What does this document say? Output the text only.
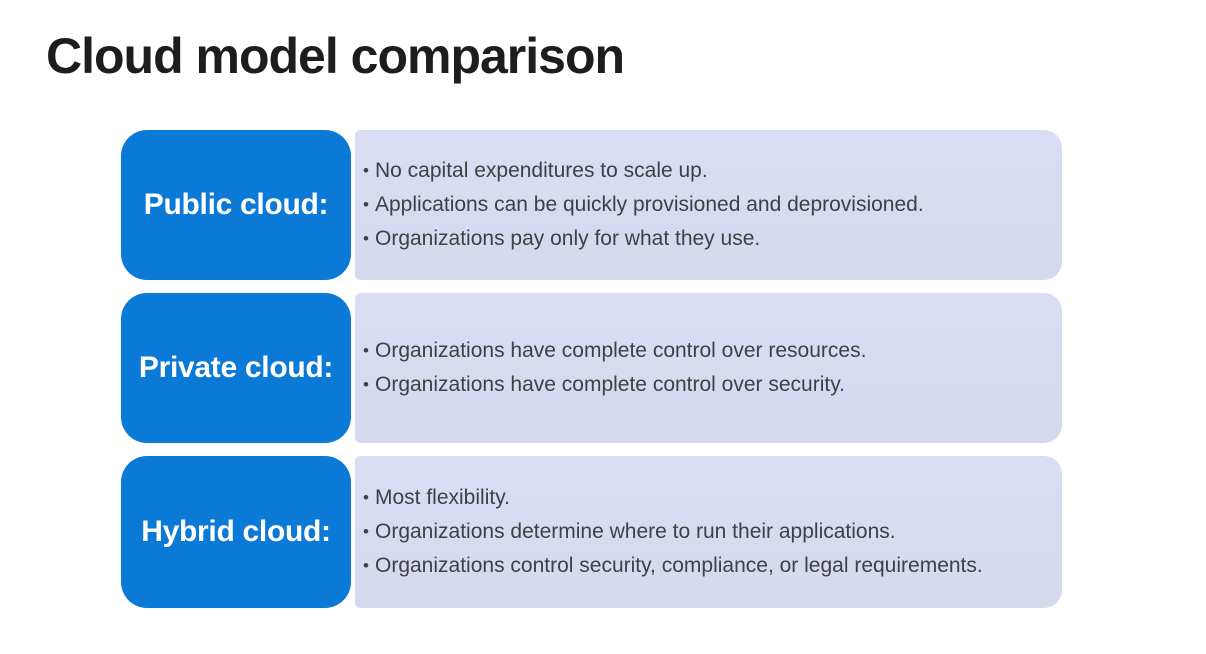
Cloud model comparison
Public cloud:
• No capital expenditures to scale up.
• Applications can be quickly provisioned and deprovisioned.
• Organizations pay only for what they use.
Private cloud:
• Organizations have complete control over resources.
• Organizations have complete control over security.
Hybrid cloud:
• Most flexibility.
• Organizations determine where to run their applications.
• Organizations control security, compliance, or legal requirements.
